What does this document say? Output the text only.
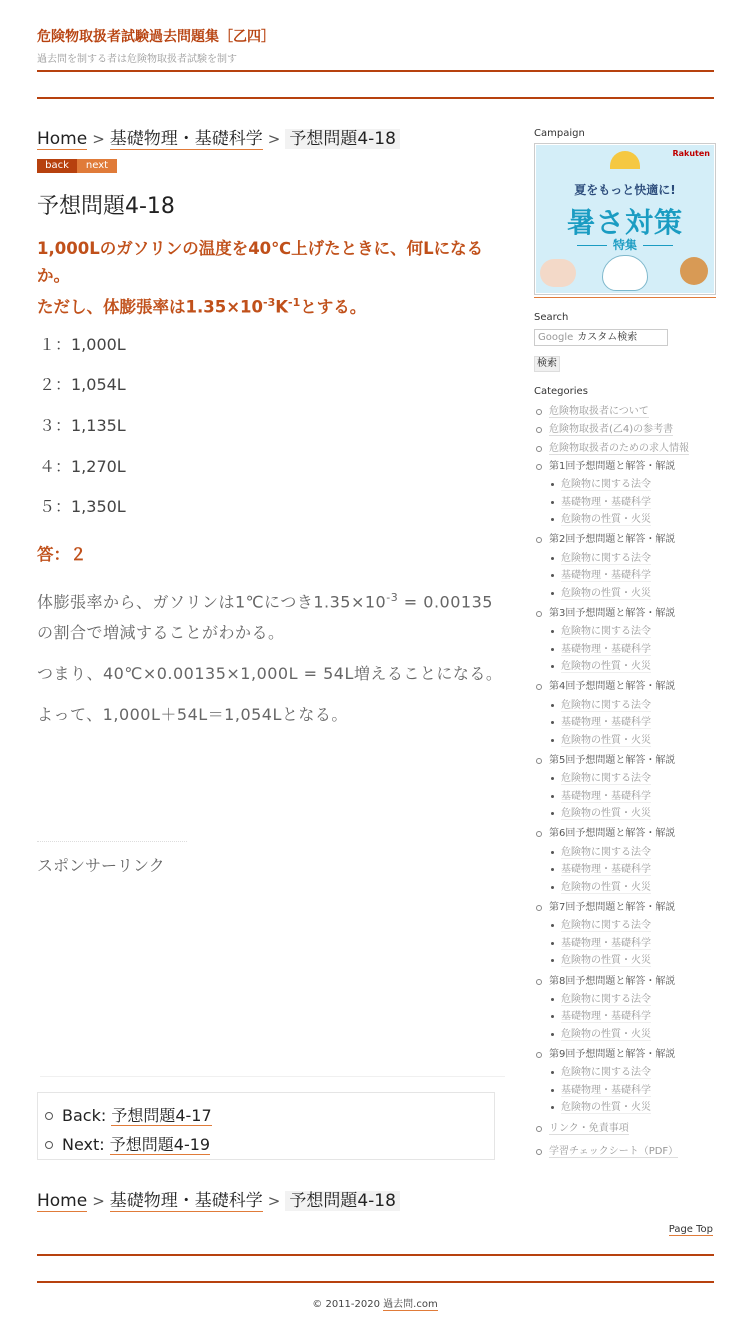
危険物取扱者試験過去問題集［乙四］
過去問を制する者は危険物取扱者試験を制す
Home > 基礎物理・基礎科学 > 予想問題4-18
back	next
予想問題4-18
1,000Lのガソリンの温度を40℃上げたときに、何Lになるか。
ただし、体膨張率は$1.35\times 10^{-3}K^{-1}$とする。
１：1,000L
２：1,054L
３：1,135L
４：1,270L
５：1,350L
答：２

体膨張率から、ガソリンは1℃につき$1.35\times 10^{-3} = 0.00135$の割合で増減することがわかる。

つまり、40℃×0.00135×1,000L = 54L増えることになる。

よって、1,000L＋54L＝1,054Lとなる。

スポンサーリンク
Back: 予想問題4-17
Next: 予想問題4-19
Home > 基礎物理・基礎科学 > 予想問題4-18
Page Top
© 2011-2020 過去問.com
Campaign
Rakuten
夏をもっと快適に!
暑さ対策
特集
Search
Google カスタム検索
検索
Categories
危険物取扱者について
危険物取扱者(乙4)の参考書
危険物取扱者のための求人情報
第1回予想問題と解答・解説
危険物に関する法令
基礎物理・基礎科学
危険物の性質・火災
第2回予想問題と解答・解説
危険物に関する法令
基礎物理・基礎科学
危険物の性質・火災
第3回予想問題と解答・解説
危険物に関する法令
基礎物理・基礎科学
危険物の性質・火災
第4回予想問題と解答・解説
危険物に関する法令
基礎物理・基礎科学
危険物の性質・火災
第5回予想問題と解答・解説
危険物に関する法令
基礎物理・基礎科学
危険物の性質・火災
第6回予想問題と解答・解説
危険物に関する法令
基礎物理・基礎科学
危険物の性質・火災
第7回予想問題と解答・解説
危険物に関する法令
基礎物理・基礎科学
危険物の性質・火災
第8回予想問題と解答・解説
危険物に関する法令
基礎物理・基礎科学
危険物の性質・火災
第9回予想問題と解答・解説
危険物に関する法令
基礎物理・基礎科学
危険物の性質・火災
リンク・免責事項
学習チェックシート（PDF）
